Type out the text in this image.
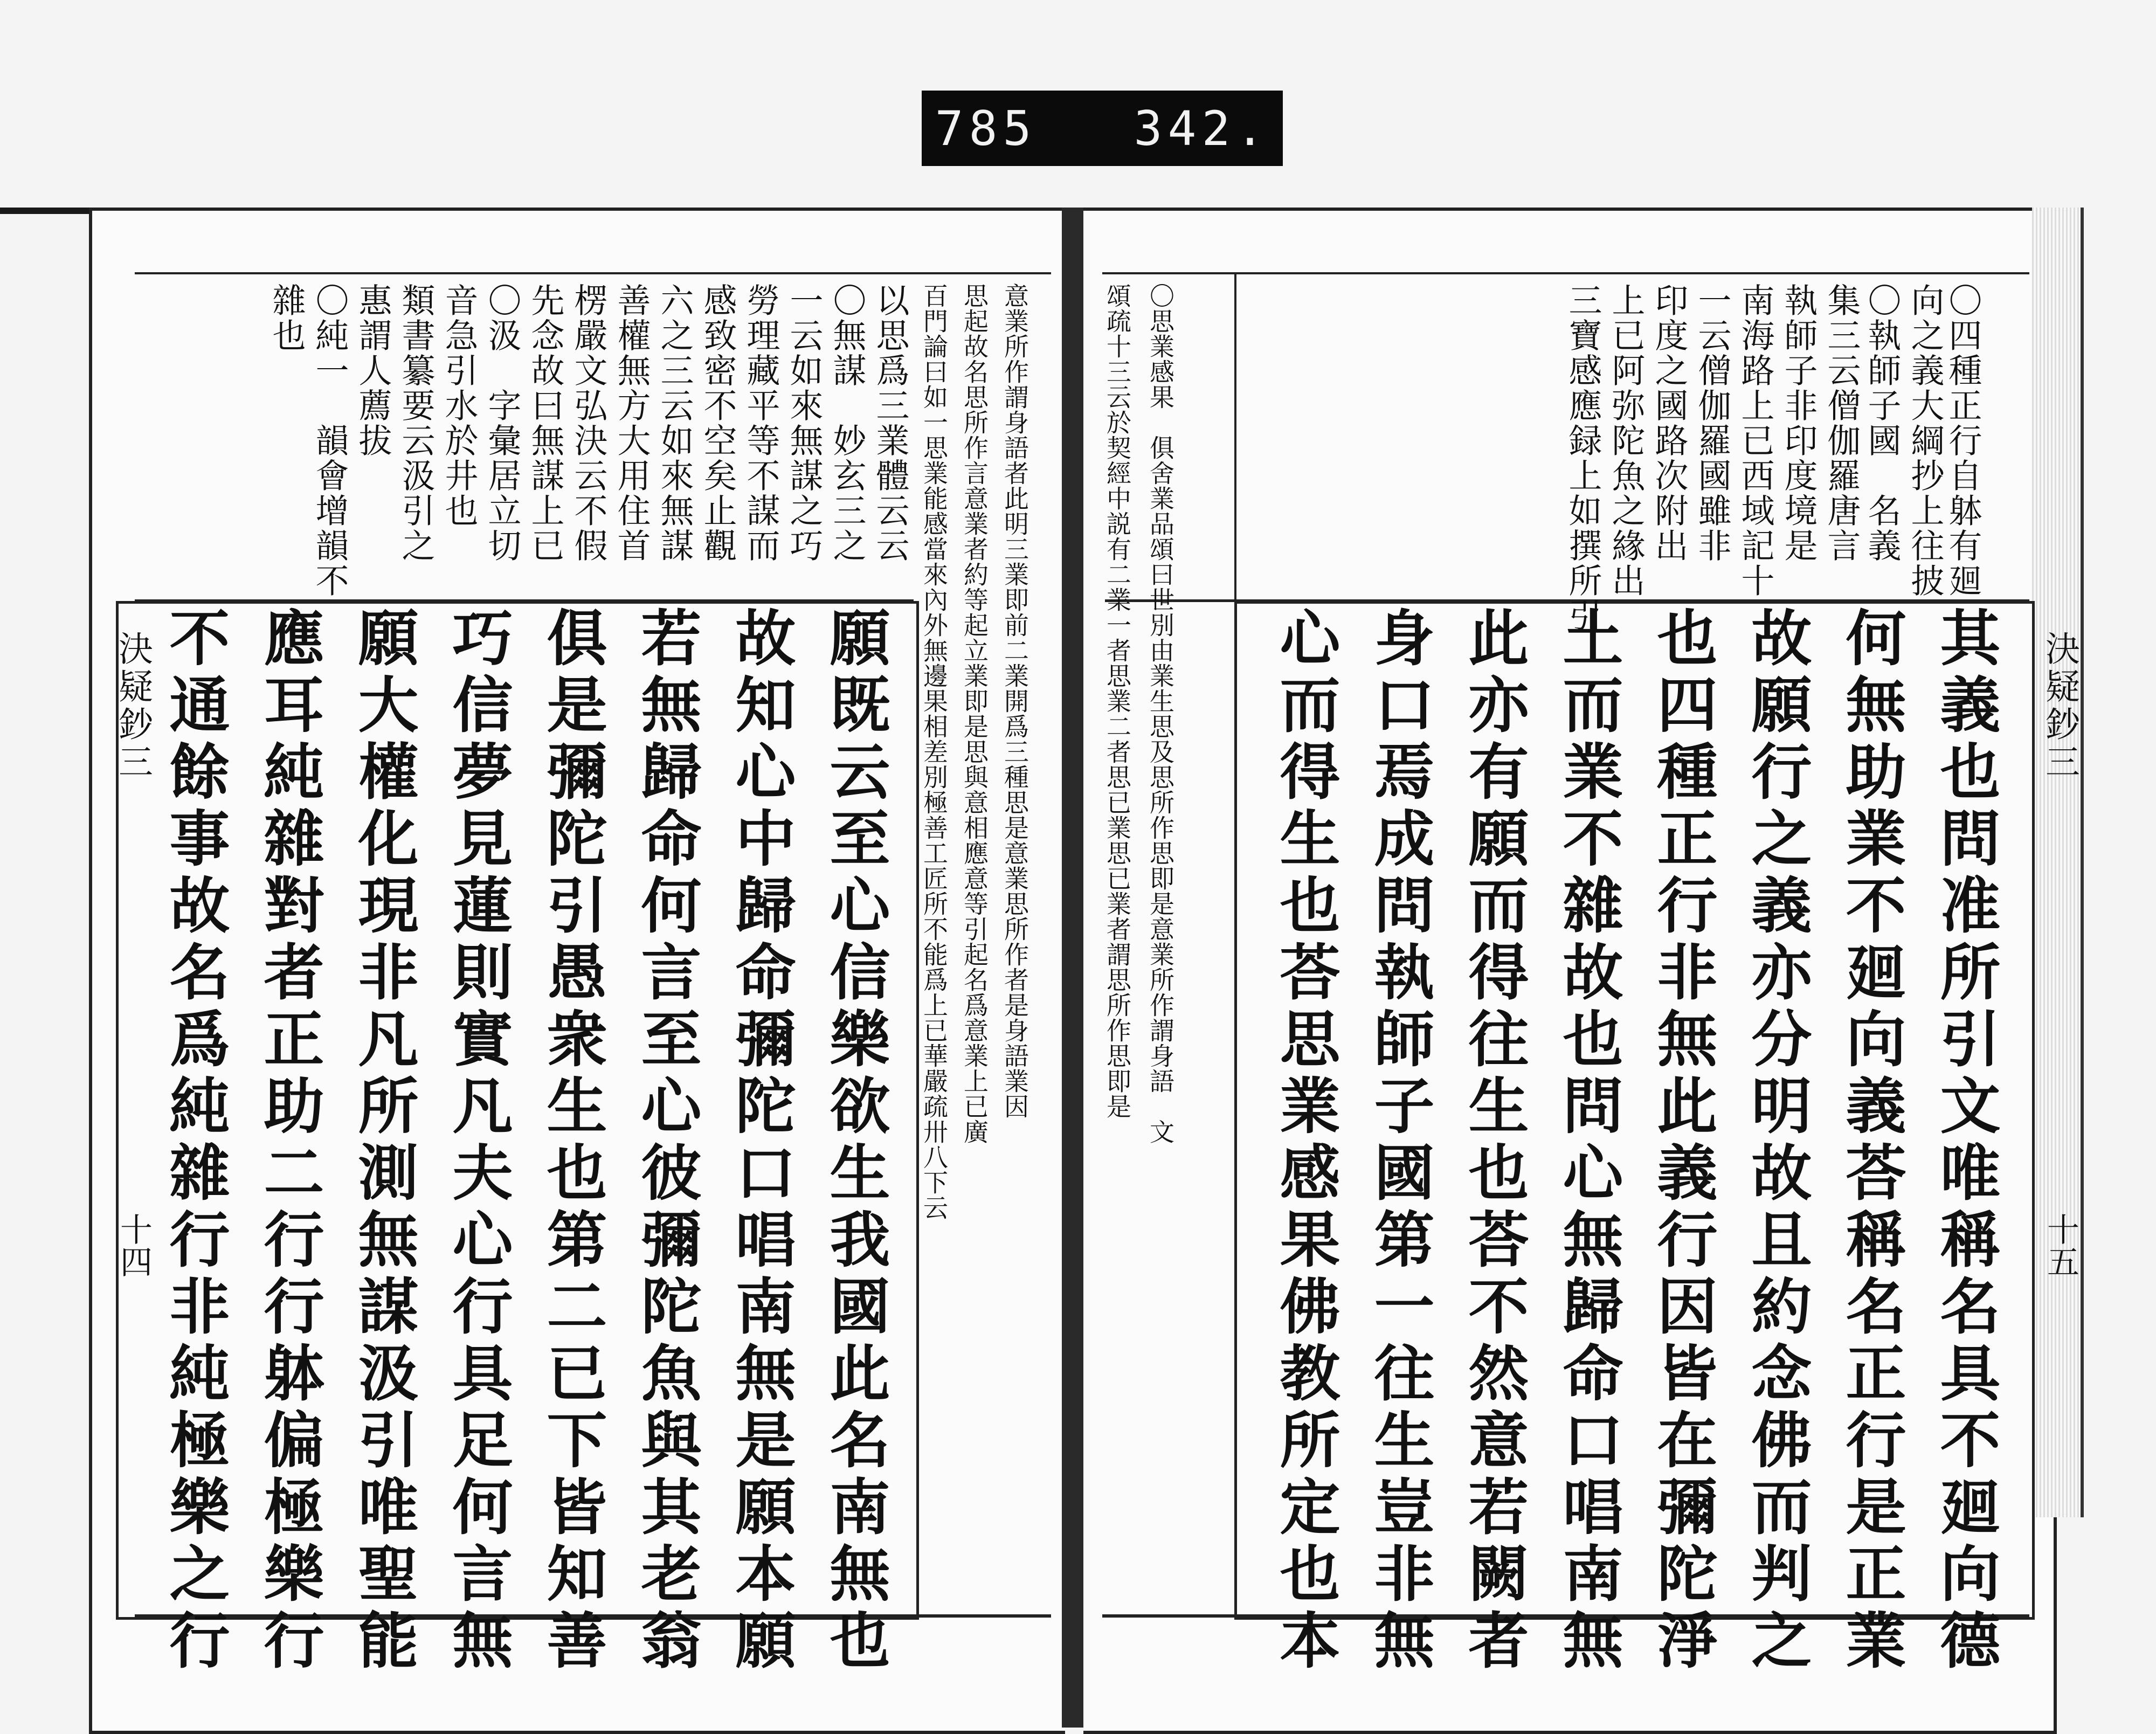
785 342.
決疑鈔三
十四
決疑鈔三
十五
〇四種正行自躰有廻
向之義大綱抄上往披
〇執師子國　名義
集三云僧伽羅唐言
執師子非印度境是
南海路上已西域記十
一云僧伽羅國雖非
印度之國路次附出
上已阿弥陀魚之緣出
三寶感應録上如撰所引
〇思業感果　俱舍業品頌曰世別由業生思及思所作思即是意業所作謂身語　文
頌疏十三云於契經中説有二業一者思業二者思已業思已業者謂思所作思即是	其義也問准所引文唯稱名具不廻向德
何無助業不廻向義荅稱名正行是正業
故願行之義亦分明故且約念佛而判之
也四種正行非無此義行因皆在彌陀淨
土而業不雜故也問心無歸命口唱南無
此亦有願而得往生也荅不然意若闕者
身口焉成問執師子國第一往生豈非無
心而得生也荅思業感果佛教所定也本
意業所作謂身語者此明三業即前二業開爲三種思是意業思所作者是身語業因
思起故名思所作言意業者約等起立業即是思與意相應意等引起名爲意業上已廣
百門論曰如一思業能感當來內外無邊果相差別極善工匠所不能爲上已華嚴疏卅八下云
以思爲三業體云云
〇無謀　妙玄三之
一云如來無謀之巧
勞理藏平等不謀而
感致密不空矣止觀
六之三云如來無謀
善權無方大用住首
楞嚴文弘決云不假
先念故曰無謀上已
〇汲　字彙居立切
音急引水於井也
類書纂要云汲引之
惠謂人薦拔
〇純一　韻會增韻不
雜也
願既云至心信樂欲生我國此名南無也
故知心中歸命彌陀口唱南無是願本願
若無歸命何言至心彼彌陀魚與其老翁
俱是彌陀引愚衆生也第二已下皆知善
巧信夢見蓮則實凡夫心行具足何言無
願大權化現非凡所測無謀汲引唯聖能
應耳純雜對者正助二行行躰偏極樂行
不通餘事故名爲純雜行非純極樂之行
